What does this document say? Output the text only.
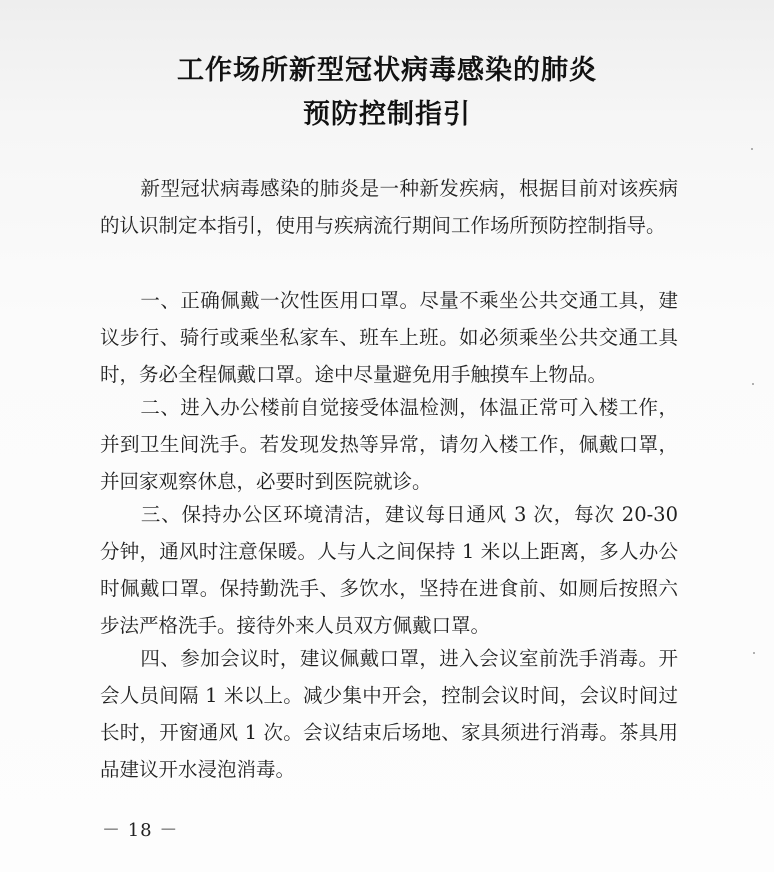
工作场所新型冠状病毒感染的肺炎
预防控制指引

新型冠状病毒感染的肺炎是一种新发疾病，根据目前对该疾病的认识制定本指引，使用与疾病流行期间工作场所预防控制指导。

一、正确佩戴一次性医用口罩。尽量不乘坐公共交通工具，建议步行、骑行或乘坐私家车、班车上班。如必须乘坐公共交通工具时，务必全程佩戴口罩。途中尽量避免用手触摸车上物品。

二、进入办公楼前自觉接受体温检测，体温正常可入楼工作，并到卫生间洗手。若发现发热等异常，请勿入楼工作，佩戴口罩，并回家观察休息，必要时到医院就诊。

三、保持办公区环境清洁，建议每日通风 3 次，每次 20-30 分钟，通风时注意保暖。人与人之间保持 1 米以上距离，多人办公时佩戴口罩。保持勤洗手、多饮水，坚持在进食前、如厕后按照六步法严格洗手。接待外来人员双方佩戴口罩。

四、参加会议时，建议佩戴口罩，进入会议室前洗手消毒。开会人员间隔 1 米以上。减少集中开会，控制会议时间，会议时间过长时，开窗通风 1 次。会议结束后场地、家具须进行消毒。茶具用品建议开水浸泡消毒。

－ 18 －
